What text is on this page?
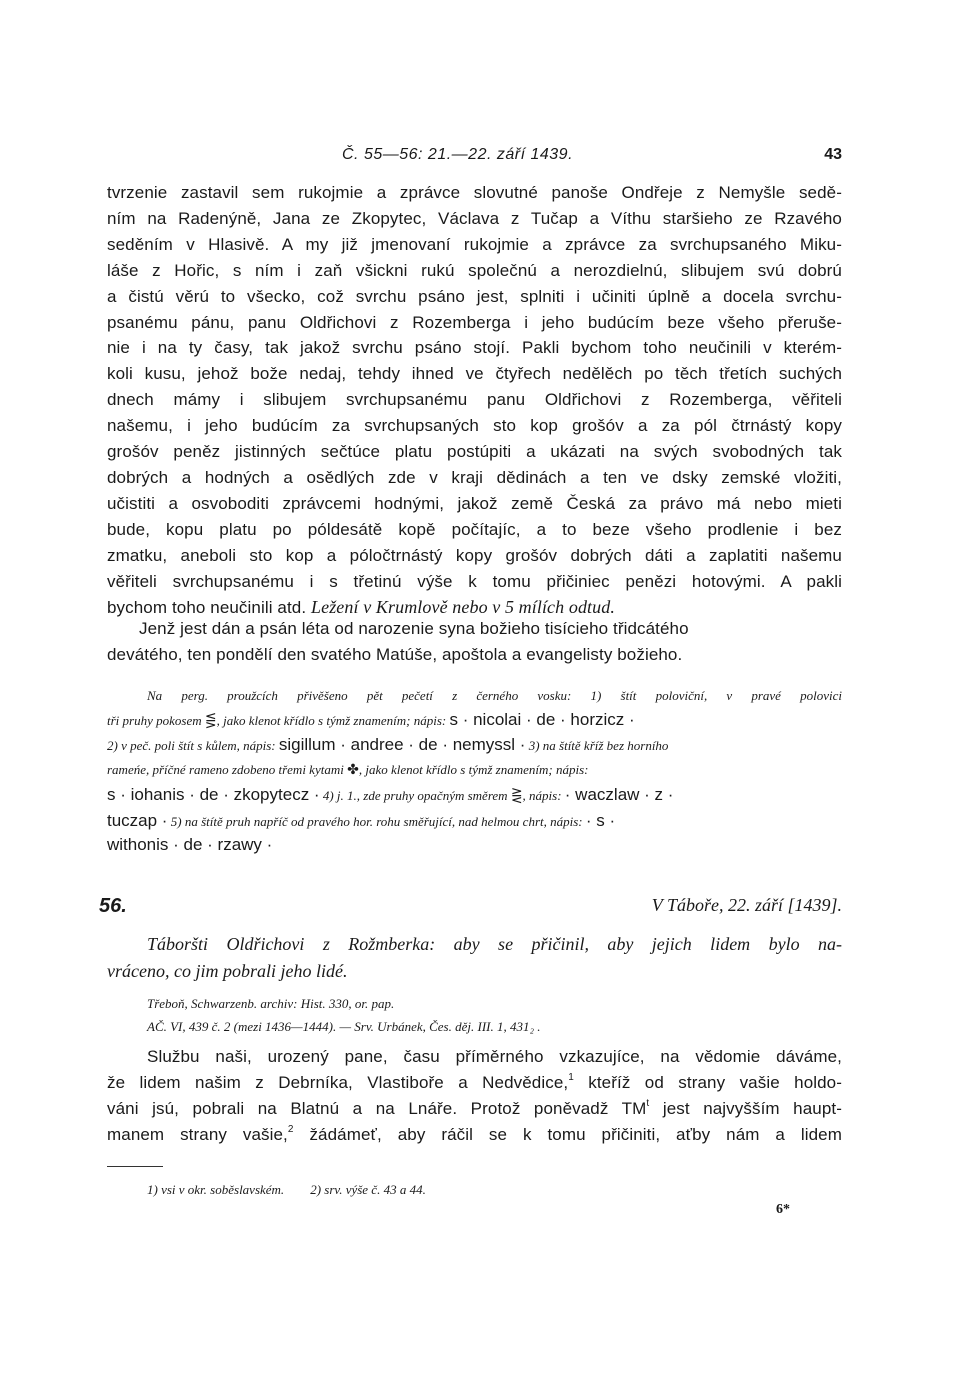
Č. 55—56: 21.—22. září 1439.	43
tvrzenie zastavil sem rukojmie a zprávce slovutné panoše Ondřeje z Nemyšle sedě-
ním na Radenýně, Jana ze Zkopytec, Václava z Tučap a Víthu staršieho ze Rzavého
seděním v Hlasivě. A my již jmenovaní rukojmie a zprávce za svrchupsaného Miku-
láše z Hořic, s ním i zaň všickni rukú společnú a nerozdielnú, slibujem svú dobrú
a čistú věrú to všecko, což svrchu psáno jest, splniti i učiniti úplně a docela svrchu-
psanému pánu, panu Oldřichovi z Rozemberga i jeho budúcím beze všeho přeruše-
nie i na ty časy, tak jakož svrchu psáno stojí. Pakli bychom toho neučinili v kterém-
koli kusu, jehož bože nedaj, tehdy ihned ve čtyřech nedělěch po těch třetích suchých
dnech mámy i slibujem svrchupsanému panu Oldřichovi z Rozemberga, věřiteli
našemu, i jeho budúcím za svrchupsaných sto kop grošóv a za pól čtrnástý kopy
grošóv peněz jistinných sečtúce platu postúpiti a ukázati na svých svobodných tak
dobrých a hodných a osědlých zde v kraji dědinách a ten ve dsky zemské vložiti,
učistiti a osvoboditi zprávcemi hodnými, jakož země Česká za právo má nebo mieti
bude, kopu platu po póldesátě kopě počítajíc, a to beze všeho prodlenie i bez
zmatku, aneboli sto kop a póločtrnástý kopy grošóv dobrých dáti a zaplatiti našemu
věřiteli svrchupsanému i s třetinú výše k tomu přičiniec penězi hotovými. A pakli
bychom toho neučinili atd. Ležení v Krumlově nebo v 5 mílích odtud.
Jenž jest dán a psán léta od narozenie syna božieho tisícieho třidcátého
devátého, ten pondělí den svatého Matúše, apoštola a evangelisty božieho.
Na perg. proužcích přivěšeno pět pečetí z černého vosku: 1) štít poloviční, v pravé polovici
tři pruhy pokosem ⋚, jako klenot křídlo s týmž znamením; nápis: s · nicolai · de · horzicz ·
2) v peč. poli štít s kůlem, nápis: sigillum · andree · de · nemyssl · 3) na štítě kříž bez horního
rameńe, příčné rameno zdobeno třemi kytami ✤, jako klenot křídlo s týmž znamením; nápis:
s · iohanis · de · zkopytecz · 4) j. 1., zde pruhy opačným směrem ⋛, nápis: · waczlaw · z ·
tuczap · 5) na štítě pruh napříč od pravého hor. rohu směřující, nad helmou chrt, nápis: · s ·
withonis · de · rzawy ·
56.	V Táboře, 22. září [1439].
Táboršti Oldřichovi z Rožmberka: aby se přičinil, aby jejich lidem bylo na-
vráceno, co jim pobrali jeho lidé.
Třeboň, Schwarzenb. archiv: Hist. 330, or. pap.
AČ. VI, 439 č. 2 (mezi 1436—1444). — Srv. Urbánek, Čes. děj. III. 1, 431₂ .
Službu naši, urozený pane, času příměrného vzkazujíce, na vědomie dáváme,
že lidem našim z Debrníka, Vlastiboře a Nedvědice,$^1$ kteříž od strany vašie holdo-
váni jsú, pobrali na Blatnú a na Lnáře. Protož poněvadž $TM^t$ jest najvyšším haupt-
manem strany vašie,$^2$ žádámeť, aby ráčil se k tomu přičiniti, aťby nám a lidem
1) vsi v okr. soběslavském. 2) srv. výše č. 43 a 44.
6*
